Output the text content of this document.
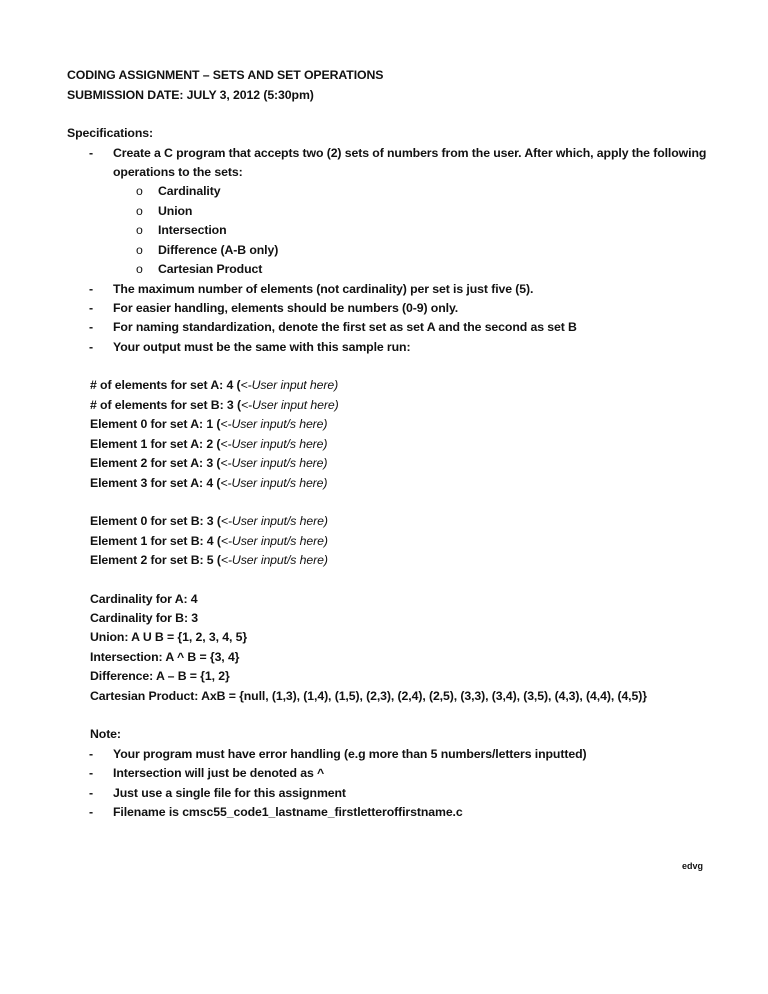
CODING ASSIGNMENT – SETS AND SET OPERATIONS
SUBMISSION DATE: JULY 3, 2012 (5:30pm)
Specifications:
- Create a C program that accepts two (2) sets of numbers from the user. After which, apply the following
operations to the sets:
o Cardinality
o Union
o Intersection
o Difference (A-B only)
o Cartesian Product
- The maximum number of elements (not cardinality) per set is just five (5).
- For easier handling, elements should be numbers (0-9) only.
- For naming standardization, denote the first set as set A and the second as set B
- Your output must be the same with this sample run:
# of elements for set A: 4 (<-User input here)
# of elements for set B: 3 (<-User input here)
Element 0 for set A: 1 (<-User input/s here)
Element 1 for set A: 2 (<-User input/s here)
Element 2 for set A: 3 (<-User input/s here)
Element 3 for set A: 4 (<-User input/s here)
Element 0 for set B: 3 (<-User input/s here)
Element 1 for set B: 4 (<-User input/s here)
Element 2 for set B: 5 (<-User input/s here)
Cardinality for A: 4
Cardinality for B: 3
Union: A U B = {1, 2, 3, 4, 5}
Intersection: A ^ B = {3, 4}
Difference: A – B = {1, 2}
Cartesian Product: AxB = {null, (1,3), (1,4), (1,5), (2,3), (2,4), (2,5), (3,3), (3,4), (3,5), (4,3), (4,4), (4,5)}
Note:
- Your program must have error handling (e.g more than 5 numbers/letters inputted)
- Intersection will just be denoted as ^
- Just use a single file for this assignment
- Filename is cmsc55_code1_lastname_firstletteroffirstname.c
edvg
